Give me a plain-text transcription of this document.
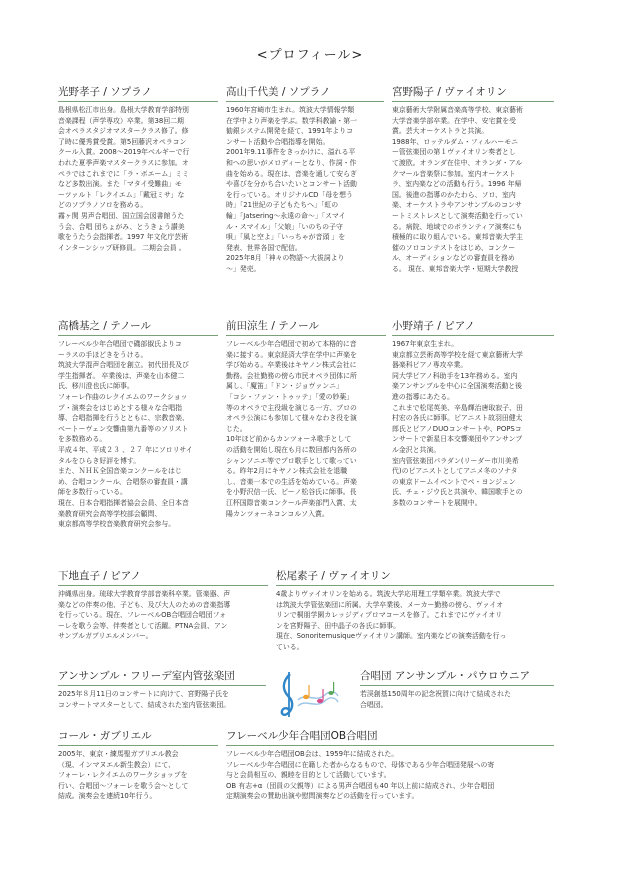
<プロフィール>
光野孝子 / ソプラノ
島根県松江市出身。島根大学教育学部特別
音楽課程（声学専攻）卒業。第38回二期
会オペラスタジオマスタークラス修了。修
了時に優秀賞受賞。第5回藤沢オペラコン
クール入賞。2008～2019年ベルギーで行
われた夏季声楽マスタークラスに参加。オ
ペラではこれまでに「ラ・ボエーム」ミミ
など多数出演。また「マタイ受難曲」モ
ーツァルト「レクイエム」「戴冠ミサ」な
どのソプラノソロを務める。
霧ヶ関 男声合唱団、国立国会図書館うた
う会、合唱 団ちょがみ、とうきょう讃美
歌をうたう会指揮者。1997 年文化庁芸術
インターンシップ研修員。 二期会会員 。
高山千代美 / ソプラノ
1960年宮崎市生まれ。筑波大学情報学類
在学中より声楽を学ぶ。数学科教諭・第一
勧銀システム開発を経て、1991年よりコ
ンサート活動や合唱指導を開始。
2001年9.11事件をきっかけに、溢れる平
和への思いがメロディーとなり、作詞・作
曲を始める。現在は、音楽を通して安らぎ
や喜びを分かち合いたいとコンサート活動
を行っている。オリジナルCD「母を想う
時」「21世紀の子どもたちへ」「虹の
輪」「Jatsering～永遠の命～」「スマイ
ル・スマイル」「父娘」「いのちの子守
唄」「風と空よ」「いっちゃが音頭 」を
発表、世界各国で配信。
2025年8月「神々の物語～大祓詞より
～」発売。
宮野陽子 / ヴァイオリン
東京藝術大学附属音楽高等学校、東京藝術
大学音楽学部卒業。在学中、安宅賞を受
賞。芸大オーケストラと共演。
1988年、ロッテルダム・フィルハーモニ
ー管弦楽団の第１ヴァイオリン奏者とし
て渡欧。オランダ在住中、オランダ・アル
クマール音楽祭に参加。室内オーケスト
ラ、室内楽などの活動も行う。1996 年帰
国。後進の指導のかたわら、ソロ、室内
楽、オーケストラやアンサンブルのコンサ
ートミストレスとして演奏活動を行ってい
る。病院、地域でのボランティア演奏にも
積極的に取り組んでいる。東邦音楽大学主
催のソロコンテストをはじめ、コンクー
ル、オーディションなどの審査員を務め
る。 現在、東邦音楽大学・短期大学教授
高橋基之 / テノール
フレーベル少年合唱団で磯部俶氏よりコ
ーラスの手ほどきをうける。
筑波大学混声合唱団を創立。初代団長及び
学生指揮者。 卒業後は、声楽を山本健二
氏、移川澄也氏に師事。
フォーレ作曲のレクイエムのワークショッ
プ・演奏会をはじめとする様々な合唱指
導、合唱指揮を行うとともに、宗教音楽、
ベートーヴェン交響曲第九番等のソリスト
を多数務める。
平成４年、平成２３ 、２７ 年にソロリサイ
タルをひらき好評を博す。
また、ＮＨＫ全国音楽コンクールをはじ
め、合唱コンクール、合唱祭の審査員・講
師を多数行っている。
現在、日本合唱指揮者協会会員、全日本音
楽教育研究会高等学校部会顧問、
東京都高等学校音楽教育研究会参与。
前田涼生 / テノール
フレーベル少年合唱団で初めて本格的に音
楽に接する。東京経済大学在学中に声楽を
学び始める。卒業後はキヤノン株式会社に
勤務。会社勤務の傍ら市民オペラ団体に所
属し、「魔笛」「ドン・ジョヴァンニ」
「コシ・ファン・トゥッテ」「愛の妙薬」
等のオペラで主役級を演じる一方、プロの
オペラ公演にも参加して様々なわき役を演
じた。
10年ほど前からカンツォーネ歌手として
の活動を開始し現在も月に数回都内各所の
シャンソニエ等でプロ歌手として歌ってい
る。昨年2月にキヤノン株式会社を退職
し、音楽一本での生活を始めている。声楽
を小野沢信一氏、ピーノ松谷氏に師事。長
江杯国際音楽コンクール声楽部門入賞、太
陽カンツォーネコンコルソ入賞。
小野靖子 / ピアノ
1967年東京生まれ。
東京都立芸術高等学校を経て東京藝術大学
器楽科ピアノ専攻卒業。
同大学ピアノ科助手を13年務める。室内
楽アンサンブルを中心に全国演奏活動と後
進の指導にあたる。
これまで松尾英美、辛島輝治唐取寂子、田
村宏の各氏に師事。ピアニスト故羽田健太
郎氏とピアノDUOコンサートや、POPSコ
ンサートで新星日本交響楽団やアンサンブ
ル金沢と共演。
室内管弦楽団パラダン(リーダー市川美希
代)のピアニストとしてアニメ冬のソナタ
の東京ドームイベントでペ・ヨンジュン
氏、チェ・ジウ氏と共演や、韓国歌手との
多数のコンサートを展開中。
下地直子 / ピアノ
沖縄県出身。琉球大学教育学部音楽科卒業。管楽器、声
楽などの伴奏の他、子ども、及び大人のための音楽指導
を行っている。現在、フレーベルOB合唱団合唱団フォ
ーレを歌う会等、伴奏者として活躍。PTNA会員、アン
サンブルガブリエルメンバー。
松尾素子 / ヴァイオリン
4歳よりヴァイオリンを始める。筑波大学応用理工学類卒業。筑波大学で
は筑波大学管弦楽団に所属。大学卒業後、メーカー勤務の傍ら、ヴァイオ
リンで桐朋学園カレッジディプロマコースを修了。これまでにヴァイオリ
ンを宮野陽子、田中晶子の各氏に師事。
現在、Sonoritemusiqueヴァイオリン講師。室内楽などの演奏活動を行っ
ている。
アンサンブル・フリーデ室内管弦楽団
2025年８月11日のコンサートに向けて、宮野陽子氏を
コンサートマスターとして、結成された室内管弦楽団。
合唱団 アンサンブル・パウロウニア
若渓創基150周年の記念祝賀に向けて結成された
合唱団。
コール・ガブリエル
2005年、東京・練馬聖ガブリエル教会
（現、インマヌエル新生教会）にて、
フォーレ・レクイエムのワークショップを
行い、合唱団～フォーレを歌う会～として
結成。演奏会を連続10年行う。
フレーベル少年合唱団OB合唱団
フレーベル少年合唱団OB会は、1959年に結成された。
フレーベル少年合唱団に在籍した者からなるもので、母体である少年合唱団発展への寄
与と会員相互の、親睦を目的として活動しています。
OB 有志+α（団員の父親等）による男声合唱団も40 年以上前に結成され、少年合唱団
定期演奏会の賛助出演や慰問演奏などの活動を行っています。
